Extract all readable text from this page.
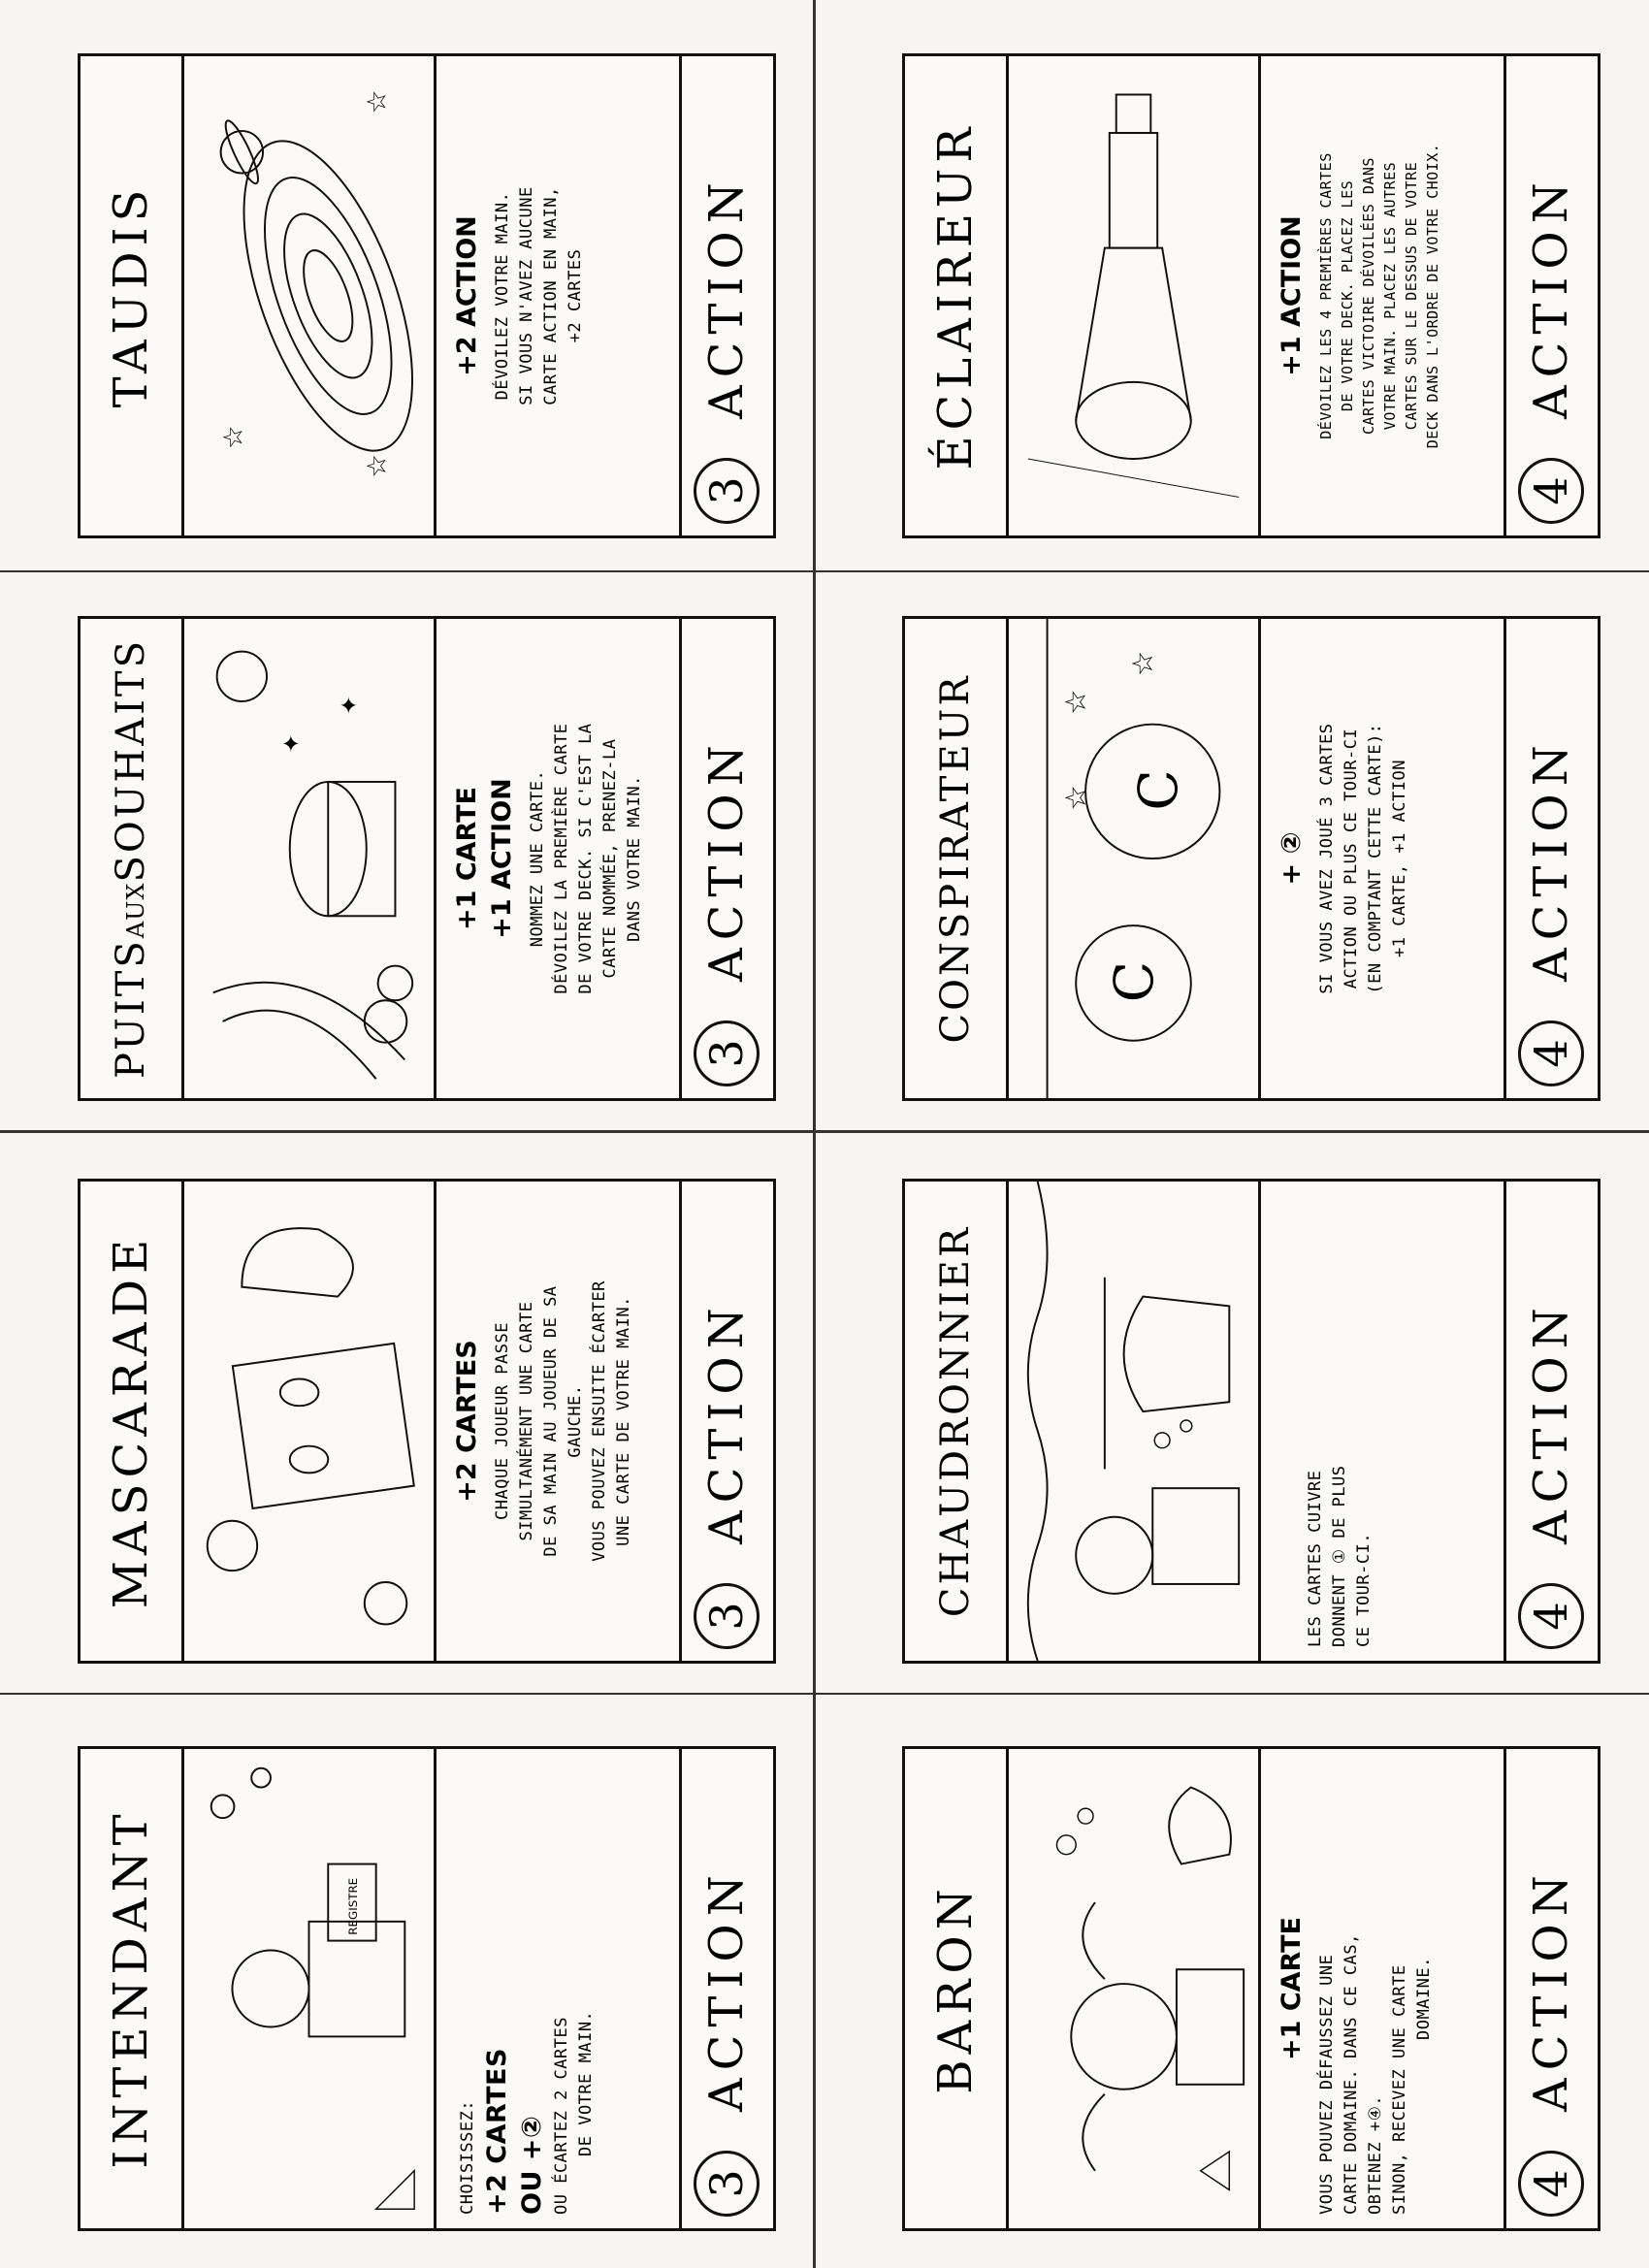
TAUDIS
☆
☆
☆
+2 ACTION DÉVOILEZ VOTRE MAIN. SI VOUS N'AVEZ AUCUNE CARTE ACTION EN MAIN, +2 CARTES
3
ACTION
PUITSAUXSOUHAITS	✦
✦
+1 CARTE +1 ACTION NOMMEZ UNE CARTE. DÉVOILEZ LA PREMIÈRE CARTE DE VOTRE DECK. SI C'EST LA CARTE NOMMÉE, PRENEZ-LA DANS VOTRE MAIN.
3
ACTION
MASCARADE	+2 CARTES CHAQUE JOUEUR PASSE SIMULTANÉMENT UNE CARTE DE SA MAIN AU JOUEUR DE SA GAUCHE. VOUS POUVEZ ENSUITE ÉCARTER UNE CARTE DE VOTRE MAIN.
3
ACTION
INTENDANT	REGISTRE
CHOISISSEZ: +2 CARTES OU +② OU ÉCARTEZ 2 CARTES DE VOTRE MAIN.
3
ACTION
ÉCLAIREUR	+1 ACTION DÉVOILEZ LES 4 PREMIÈRES CARTES DE VOTRE DECK. PLACEZ LES CARTES VICTOIRE DÉVOILÉES DANS VOTRE MAIN. PLACEZ LES AUTRES CARTES SUR LE DESSUS DE VOTRE DECK DANS L'ORDRE DE VOTRE CHOIX.
4
ACTION
CONSPIRATEUR C
C
☆
☆
☆
+ ② SI VOUS AVEZ JOUÉ 3 CARTES ACTION OU PLUS CE TOUR-CI (EN COMPTANT CETTE CARTE): +1 CARTE, +1 ACTION
4
ACTION
CHAUDRONNIER	LES CARTES CUIVRE DONNENT ① DE PLUS CE TOUR-CI.	4
ACTION
BARON	+1 CARTE VOUS POUVEZ DÉFAUSSEZ UNE CARTE DOMAINE. DANS CE CAS, OBTENEZ +④. SINON, RECEVEZ UNE CARTE DOMAINE.
4
ACTION
